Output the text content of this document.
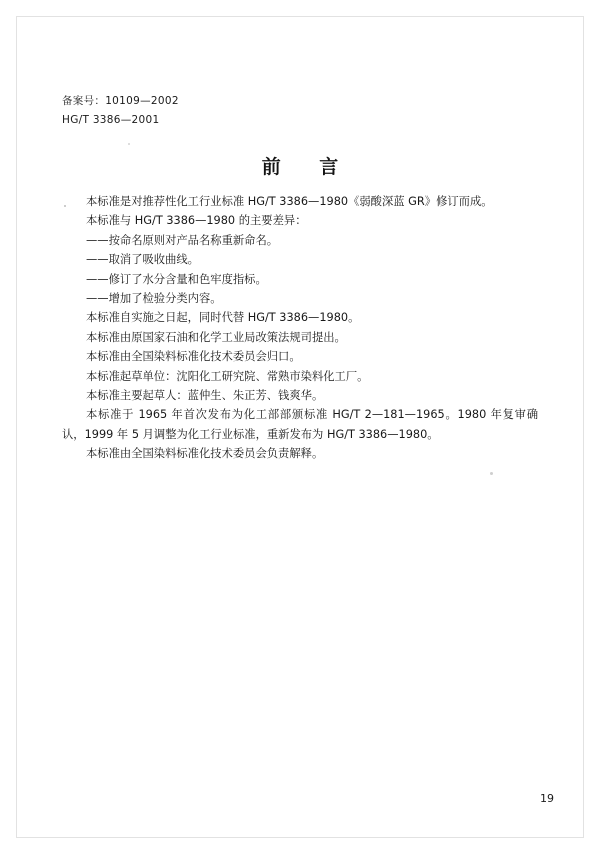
备案号：10109—2002
HG/T 3386—2001
前 言

本标准是对推荐性化工行业标准 HG/T 3386—1980《弱酸深蓝 GR》修订而成。

本标准与 HG/T 3386—1980 的主要差异：

——按命名原则对产品名称重新命名。

——取消了吸收曲线。

——修订了水分含量和色牢度指标。

——增加了检验分类内容。

本标准自实施之日起，同时代替 HG/T 3386—1980。

本标准由原国家石油和化学工业局改策法规司提出。

本标准由全国染料标准化技术委员会归口。

本标准起草单位：沈阳化工研究院、常熟市染料化工厂。

本标准主要起草人：蓝仲生、朱正芳、钱爽华。

本标准于 1965 年首次发布为化工部部颁标准 HG/T 2—181—1965。1980 年复审确认，1999 年 5 月调整为化工行业标准，重新发布为 HG/T 3386—1980。

本标准由全国染料标准化技术委员会负责解释。

19
